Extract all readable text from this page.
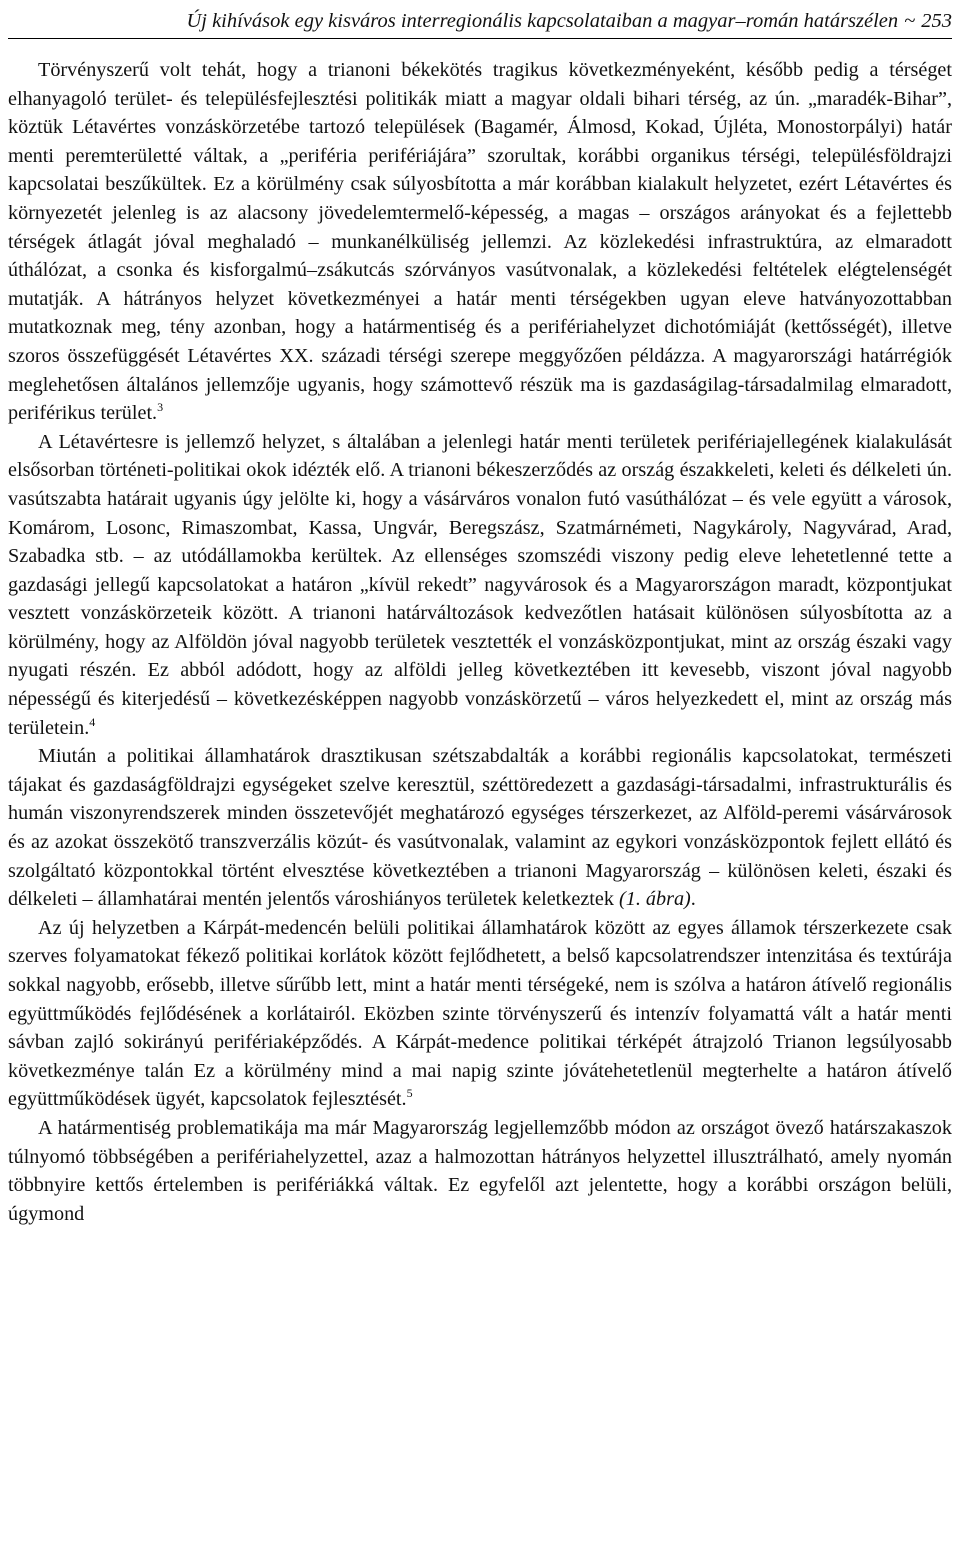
Új kihívások egy kisváros interregionális kapcsolataiban a magyar–román határszélen ~ 253

Törvényszerű volt tehát, hogy a trianoni békekötés tragikus következményeként, később pedig a térséget elhanyagoló terület- és településfejlesztési politikák miatt a magyar oldali bihari térség, az ún. „maradék-Bihar”, köztük Létavértes vonzáskörzetébe tartozó települések (Bagamér, Álmosd, Kokad, Újléta, Monostorpályi) határ menti peremterületté váltak, a „periféria perifériájára” szorultak, korábbi organikus térségi, településföldrajzi kapcsolatai beszűkültek. Ez a körülmény csak súlyosbította a már korábban kialakult helyzetet, ezért Létavértes és környezetét jelenleg is az alacsony jövedelemtermelő-képesség, a magas – országos arányokat és a fejlettebb térségek átlagát jóval meghaladó – munkanélküliség jellemzi. Az közlekedési infrastruktúra, az elmaradott úthálózat, a csonka és kisforgalmú–zsákutcás szórványos vasútvonalak, a közlekedési feltételek elégtelenségét mutatják. A hátrányos helyzet következményei a határ menti térségekben ugyan eleve hatványozottabban mutatkoznak meg, tény azonban, hogy a határmentiség és a perifériahelyzet dichotómiáját (kettősségét), illetve szoros összefüggését Létavértes XX. századi térségi szerepe meggyőzően példázza. A magyarországi határrégiók meglehetősen általános jellemzője ugyanis, hogy számottevő részük ma is gazdaságilag-társadalmilag elmaradott, periférikus terület.$^3$

A Létavértesre is jellemző helyzet, s általában a jelenlegi határ menti területek perifériajellegének kialakulását elsősorban történeti-politikai okok idézték elő. A trianoni békeszerződés az ország északkeleti, keleti és délkeleti ún. vasútszabta határait ugyanis úgy jelölte ki, hogy a vásárváros vonalon futó vasúthálózat – és vele együtt a városok, Komárom, Losonc, Rimaszombat, Kassa, Ungvár, Beregszász, Szatmárnémeti, Nagykároly, Nagyvárad, Arad, Szabadka stb. – az utódállamokba kerültek. Az ellenséges szomszédi viszony pedig eleve lehetetlenné tette a gazdasági jellegű kapcsolatokat a határon „kívül rekedt” nagyvárosok és a Magyarországon maradt, központjukat vesztett vonzáskörzeteik között. A trianoni határváltozások kedvezőtlen hatásait különösen súlyosbította az a körülmény, hogy az Alföldön jóval nagyobb területek vesztették el vonzásközpontjukat, mint az ország északi vagy nyugati részén. Ez abból adódott, hogy az alföldi jelleg következtében itt kevesebb, viszont jóval nagyobb népességű és kiterjedésű – következésképpen nagyobb vonzáskörzetű – város helyezkedett el, mint az ország más területein.$^4$

Miután a politikai államhatárok drasztikusan szétszabdalták a korábbi regionális kapcsolatokat, természeti tájakat és gazdaságföldrajzi egységeket szelve keresztül, széttöredezett a gazdasági-társadalmi, infrastrukturális és humán viszonyrendszerek minden összetevőjét meghatározó egységes térszerkezet, az Alföld-peremi vásárvárosok és az azokat összekötő transzverzális közút- és vasútvonalak, valamint az egykori vonzásközpontok fejlett ellátó és szolgáltató központokkal történt elvesztése következtében a trianoni Magyarország – különösen keleti, északi és délkeleti – államhatárai mentén jelentős városhiányos területek keletkeztek (1. ábra).

Az új helyzetben a Kárpát-medencén belüli politikai államhatárok között az egyes államok térszerkezete csak szerves folyamatokat fékező politikai korlátok között fejlődhetett, a belső kapcsolatrendszer intenzitása és textúrája sokkal nagyobb, erősebb, illetve sűrűbb lett, mint a határ menti térségeké, nem is szólva a határon átívelő regionális együttműködés fejlődésének a korlátairól. Eközben szinte törvényszerű és intenzív folyamattá vált a határ menti sávban zajló sokirányú perifériaképződés. A Kárpát-medence politikai térképét átrajzoló Trianon legsúlyosabb következménye talán Ez a körülmény mind a mai napig szinte jóvátehetetlenül megterhelte a határon átívelő együttműködések ügyét, kapcsolatok fejlesztését.$^5$

A határmentiség problematikája ma már Magyarország legjellemzőbb módon az országot övező határszakaszok túlnyomó többségében a perifériahelyzettel, azaz a halmozottan hátrányos helyzettel illusztrálható, amely nyomán többnyire kettős értelemben is perifériákká váltak. Ez egyfelől azt jelentette, hogy a korábbi országon belüli, úgymond
